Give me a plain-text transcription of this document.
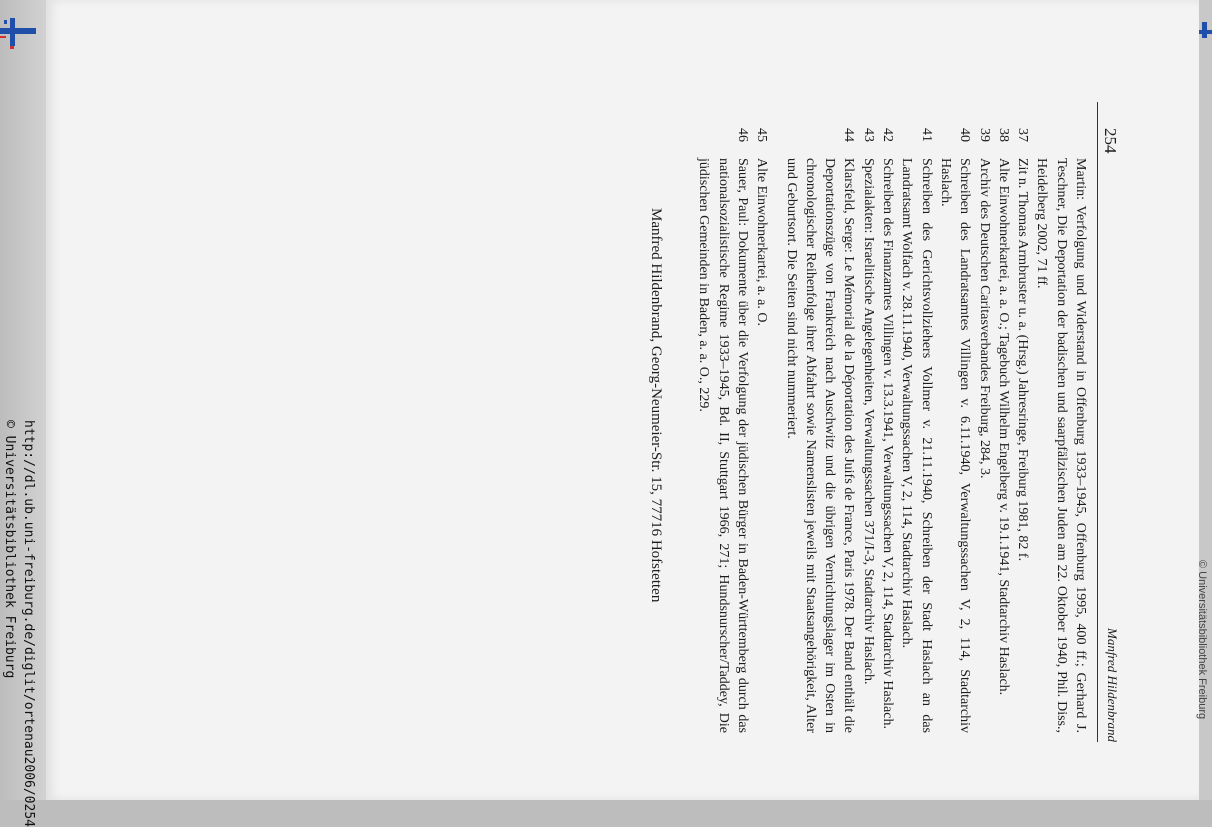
254
Manfred Hildenbrand
Martin: Verfolgung und Widerstand in Offenburg 1933–1945, Offenburg 1995, 400 ff.; Gerhard J. Teschner, Die Deportation der badischen und saarpfälzischen Juden am 22. Oktober 1940, Phil. Diss., Heidelberg 2002, 71 ff.
37
Zit n. Thomas Armbruster u. a. (Hrsg.) Jahresringe, Freiburg 1981, 82 f.
38
Alte Einwohnerkartei, a. a. O.; Tagebuch Wilhelm Engelberg v. 19.1.1941, Stadtarchiv Haslach.
39
Archiv des Deutschen Caritasverbandes Freiburg, 284, 3.
40
Schreiben des Landratsamtes Villingen v. 6.11.1940, Verwaltungssachen V, 2, 114, Stadtarchiv Haslach.
41
Schreiben des Gerichtsvollziehers Vollmer v. 21.11.1940, Schreiben der Stadt Haslach an das Landratsamt Wolfach v. 28.11.1940, Verwaltungssachen V, 2, 114, Stadtarchiv Haslach.
42
Schreiben des Finanzamtes Villingen v. 13.3.1941, Verwaltungssachen V, 2, 114, Stadtarchiv Haslach.
43
Spezialakten: Israelitische Angelegenheiten, Verwaltungssachen 371/I-3, Stadtarchiv Haslach.
44
Klarsfeld, Serge: Le Mémorial de la Déportation des Juifs de France, Paris 1978. Der Band enthält die Deportationszüge von Frankreich nach Auschwitz und die übrigen Vernichtungslager im Osten in chronologischer Reihenfolge ihrer Abfahrt sowie Namenslisten jeweils mit Staatsangehörigkeit, Alter und Geburtsort. Die Seiten sind nicht nummeriert.
45
Alte Einwohnerkartei, a. a. O.
46
Sauer, Paul: Dokumente über die Verfolgung der jüdischen Bürger in Baden-Württemberg durch das nationalsozialistische Regime 1933–1945, Bd. II, Stuttgart 1966, 271; Hundsnurscher/Taddey, Die jüdischen Gemeinden in Baden, a. a. O., 229.
Manfred Hildenbrand, Georg-Neumeier-Str. 15, 77716 Hofstetten
http://dl.ub.uni-freiburg.de/diglit/ortenau2006/0254
© Universitätsbibliothek Freiburg	© Universitätsbibliothek Freiburg
